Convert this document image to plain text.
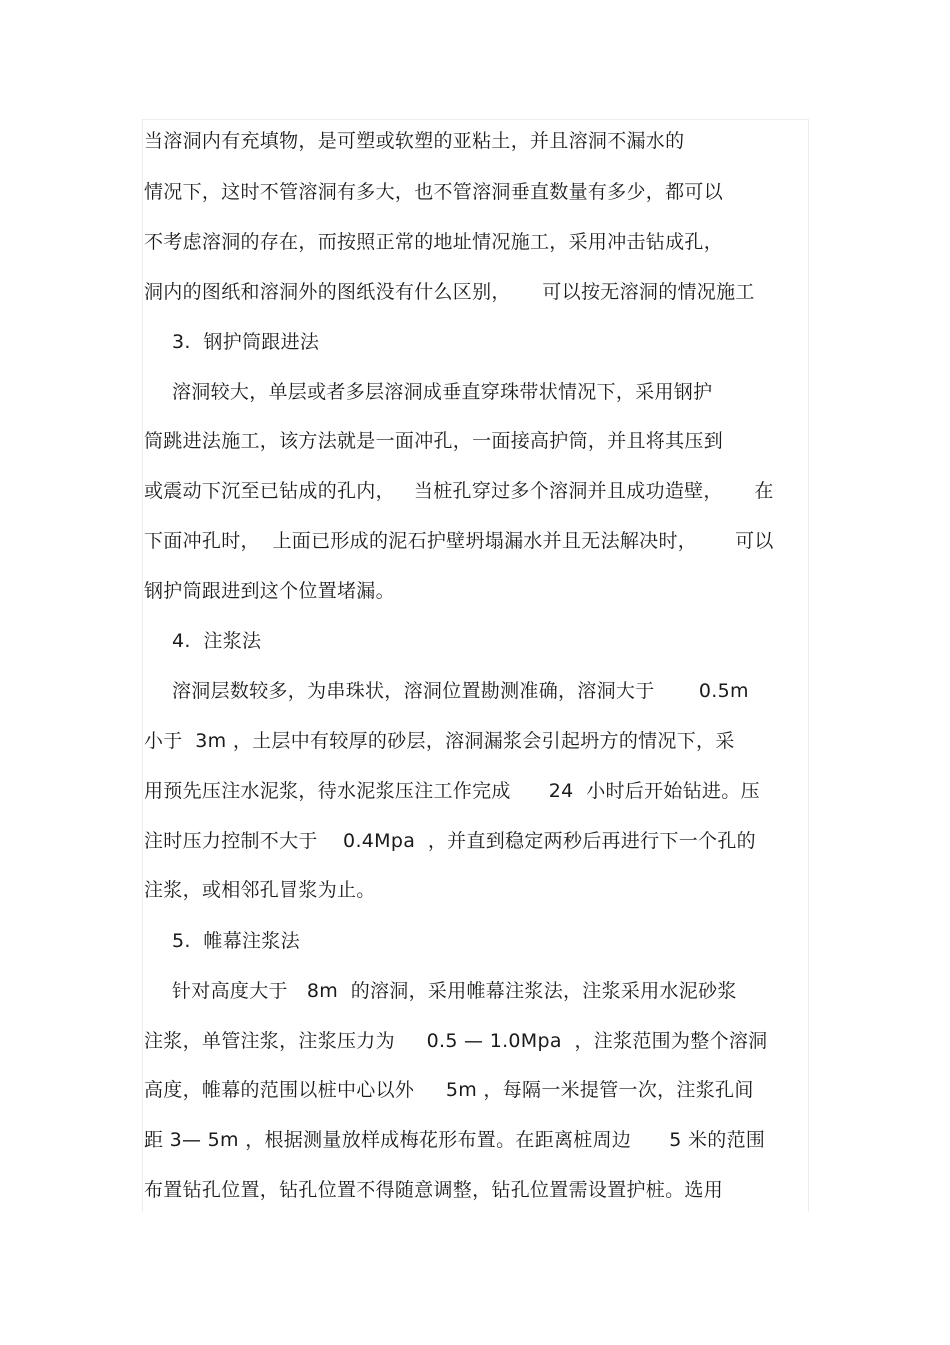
当溶洞内有充填物，是可塑或软塑的亚粘土，并且溶洞不漏水的
情况下，这时不管溶洞有多大，也不管溶洞垂直数量有多少，都可以
不考虑溶洞的存在，而按照正常的地址情况施工，采用冲击钻成孔，
洞内的图纸和溶洞外的图纸没有什么区别，     可以按无溶洞的情况施工
3.  钢护筒跟进法
溶洞较大，单层或者多层溶洞成垂直穿珠带状情况下，采用钢护
筒跳进法施工，该方法就是一面冲孔，一面接高护筒，并且将其压到
或震动下沉至已钻成的孔内，   当桩孔穿过多个溶洞并且成功造壁，     在
下面冲孔时，  上面已形成的泥石护壁坍塌漏水并且无法解决时，      可以
钢护筒跟进到这个位置堵漏。
4.  注浆法
溶洞层数较多，为串珠状，溶洞位置勘测准确，溶洞大于       0.5m
小于  3m ，土层中有较厚的砂层，溶洞漏浆会引起坍方的情况下，采
用预先压注水泥浆，待水泥浆压注工作完成      24  小时后开始钻进。压
注时压力控制不大于    0.4Mpa  ，并直到稳定两秒后再进行下一个孔的
注浆，或相邻孔冒浆为止。
5.  帷幕注浆法
针对高度大于   8m  的溶洞，采用帷幕注浆法，注浆采用水泥砂浆
注浆，单管注浆，注浆压力为     0.5 — 1.0Mpa  ，注浆范围为整个溶洞
高度，帷幕的范围以桩中心以外     5m ，每隔一米提管一次，注浆孔间
距 3— 5m ，根据测量放样成梅花形布置。在距离桩周边      5 米的范围
布置钻孔位置，钻孔位置不得随意调整，钻孔位置需设置护桩。选用
